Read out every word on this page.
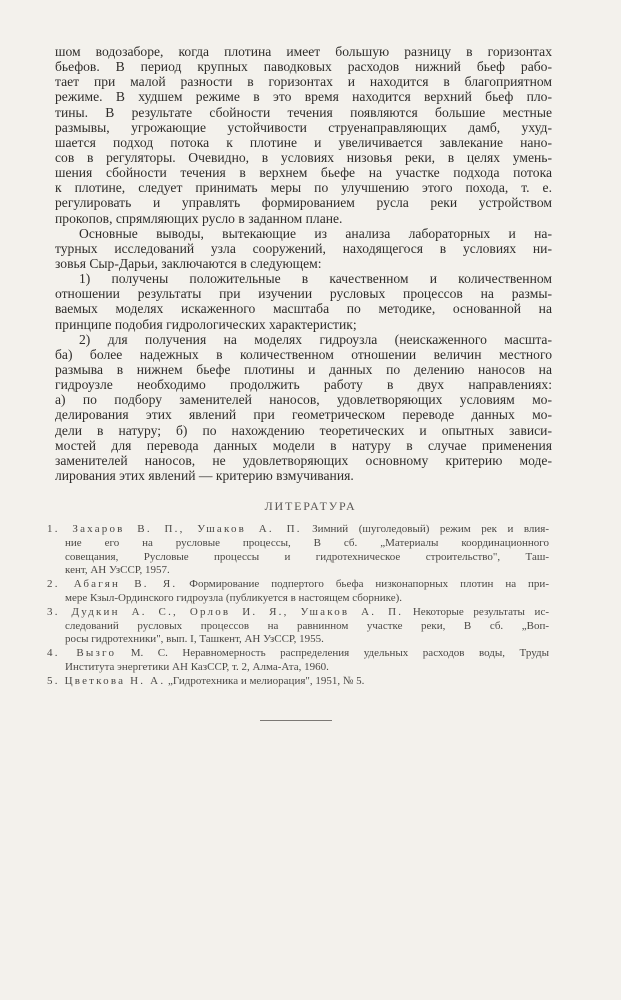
шом водозаборе, когда плотина имеет большую разницу в горизонтах
бьефов. В период крупных паводковых расходов нижний бьеф рабо-
тает при малой разности в горизонтах и находится в благоприятном
режиме. В худшем режиме в это время находится верхний бьеф пло-
тины. В результате сбойности течения появляются большие местные
размывы, угрожающие устойчивости струенаправляющих дамб, ухуд-
шается подход потока к плотине и увеличивается завлекание нано-
сов в регуляторы. Очевидно, в условиях низовья реки, в целях умень-
шения сбойности течения в верхнем бьефе на участке подхода потока
к плотине, следует принимать меры по улучшению этого похода, т. е.
регулировать и управлять формированием русла реки устройством
прокопов, спрямляющих русло в заданном плане.
Основные выводы, вытекающие из анализа лабораторных и на-
турных исследований узла сооружений, находящегося в условиях ни-
зовья Сыр-Дарьи, заключаются в следующем:
1) получены положительные в качественном и количественном
отношении результаты при изучении русловых процессов на размы-
ваемых моделях искаженного масштаба по методике, основанной на
принципе подобия гидрологических характеристик;
2) для получения на моделях гидроузла (неискаженного масшта-
ба) более надежных в количественном отношении величин местного
размыва в нижнем бьефе плотины и данных по делению наносов на
гидроузле необходимо продолжить работу в двух направлениях:
а) по подбору заменителей наносов, удовлетворяющих условиям мо-
делирования этих явлений при геометрическом переводе данных мо-
дели в натуру; б) по нахождению теоретических и опытных зависи-
мостей для перевода данных модели в натуру в случае применения
заменителей наносов, не удовлетворяющих основному критерию моде-
лирования этих явлений — критерию взмучивания.
ЛИТЕРАТУРА
1. Захаров В. П., Ушаков А. П. Зимний (шуголедовый) режим рек и влия-
ние его на русловые процессы, В сб. „Материалы координационного
совещания, Русловые процессы и гидротехническое строительство", Таш-
кент, АН УзССР, 1957.
2. Абагян В. Я. Формирование подпертого бьефа низконапорных плотин на при-
мере Кзыл-Ординского гидроузла (публикуется в настоящем сборнике).
3. Дудкин А. С., Орлов И. Я., Ушаков А. П. Некоторые результаты ис-
следований русловых процессов на равнинном участке реки, В сб. „Воп-
росы гидротехники", вып. I, Ташкент, АН УзССР, 1955.
4. Вызго М. С. Неравномерность распределения удельных расходов воды, Труды
Института энергетики АН КазССР, т. 2, Алма-Ата, 1960.
5. Цветкова Н. А. „Гидротехника и мелиорация", 1951, № 5.
